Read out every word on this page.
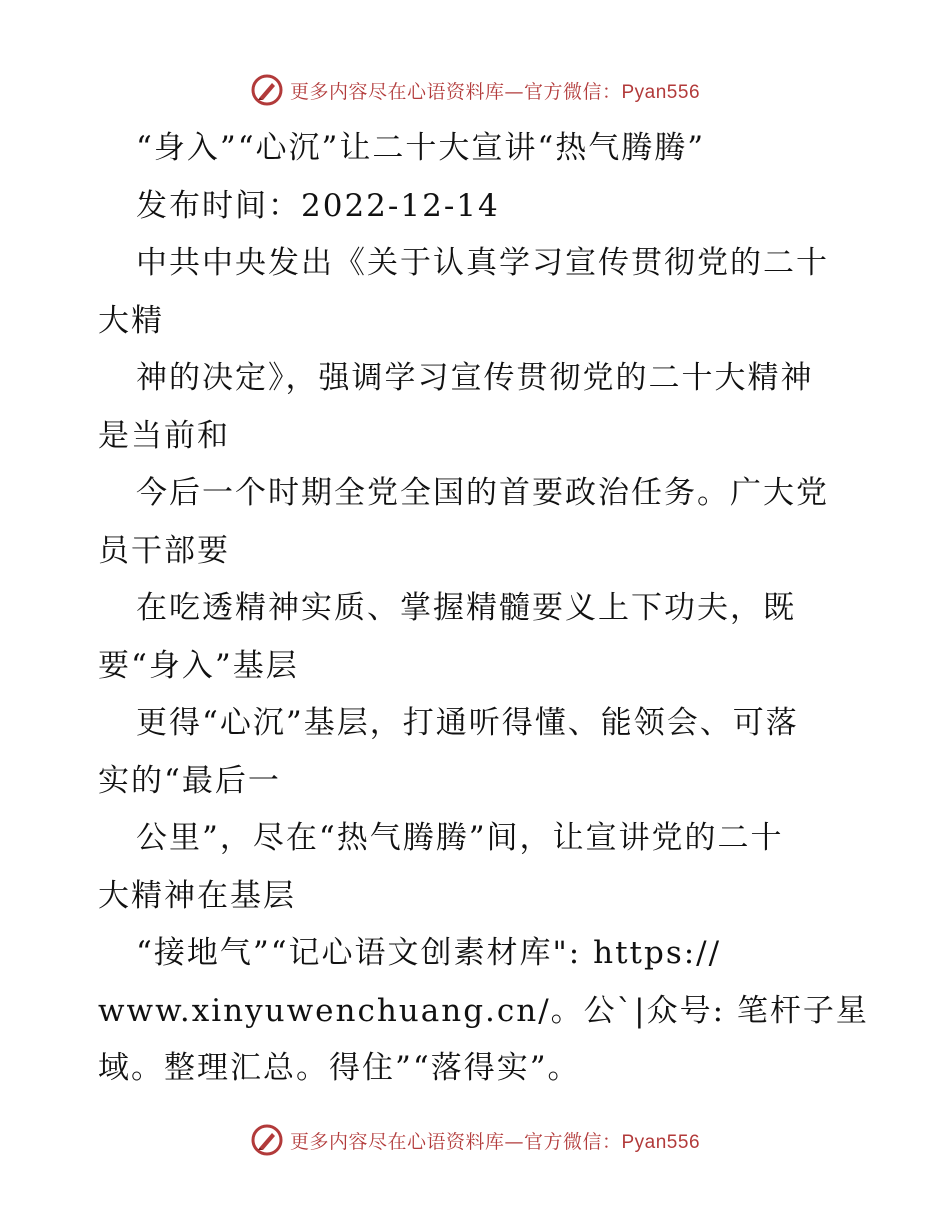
更多内容尽在心语资料库—官方微信：Pyan556
“身入”“心沉”让二十大宣讲“热气腾腾”
发布时间：2022-12-14
中共中央发出《关于认真学习宣传贯彻党的二十
大精
神的决定》，强调学习宣传贯彻党的二十大精神
是当前和
今后一个时期全党全国的首要政治任务。广大党
员干部要
在吃透精神实质、掌握精髓要义上下功夫，既
要“身入”基层
更得“心沉”基层，打通听得懂、能领会、可落
实的“最后一
公里”，尽在“热气腾腾”间，让宣讲党的二十
大精神在基层
“接地气”“记心语文创素材库": https://
www.xinyuwenchuang.cn/。公`|众号: 笔杆子星
域。整理汇总。得住”“落得实”。
更多内容尽在心语资料库—官方微信：Pyan556
